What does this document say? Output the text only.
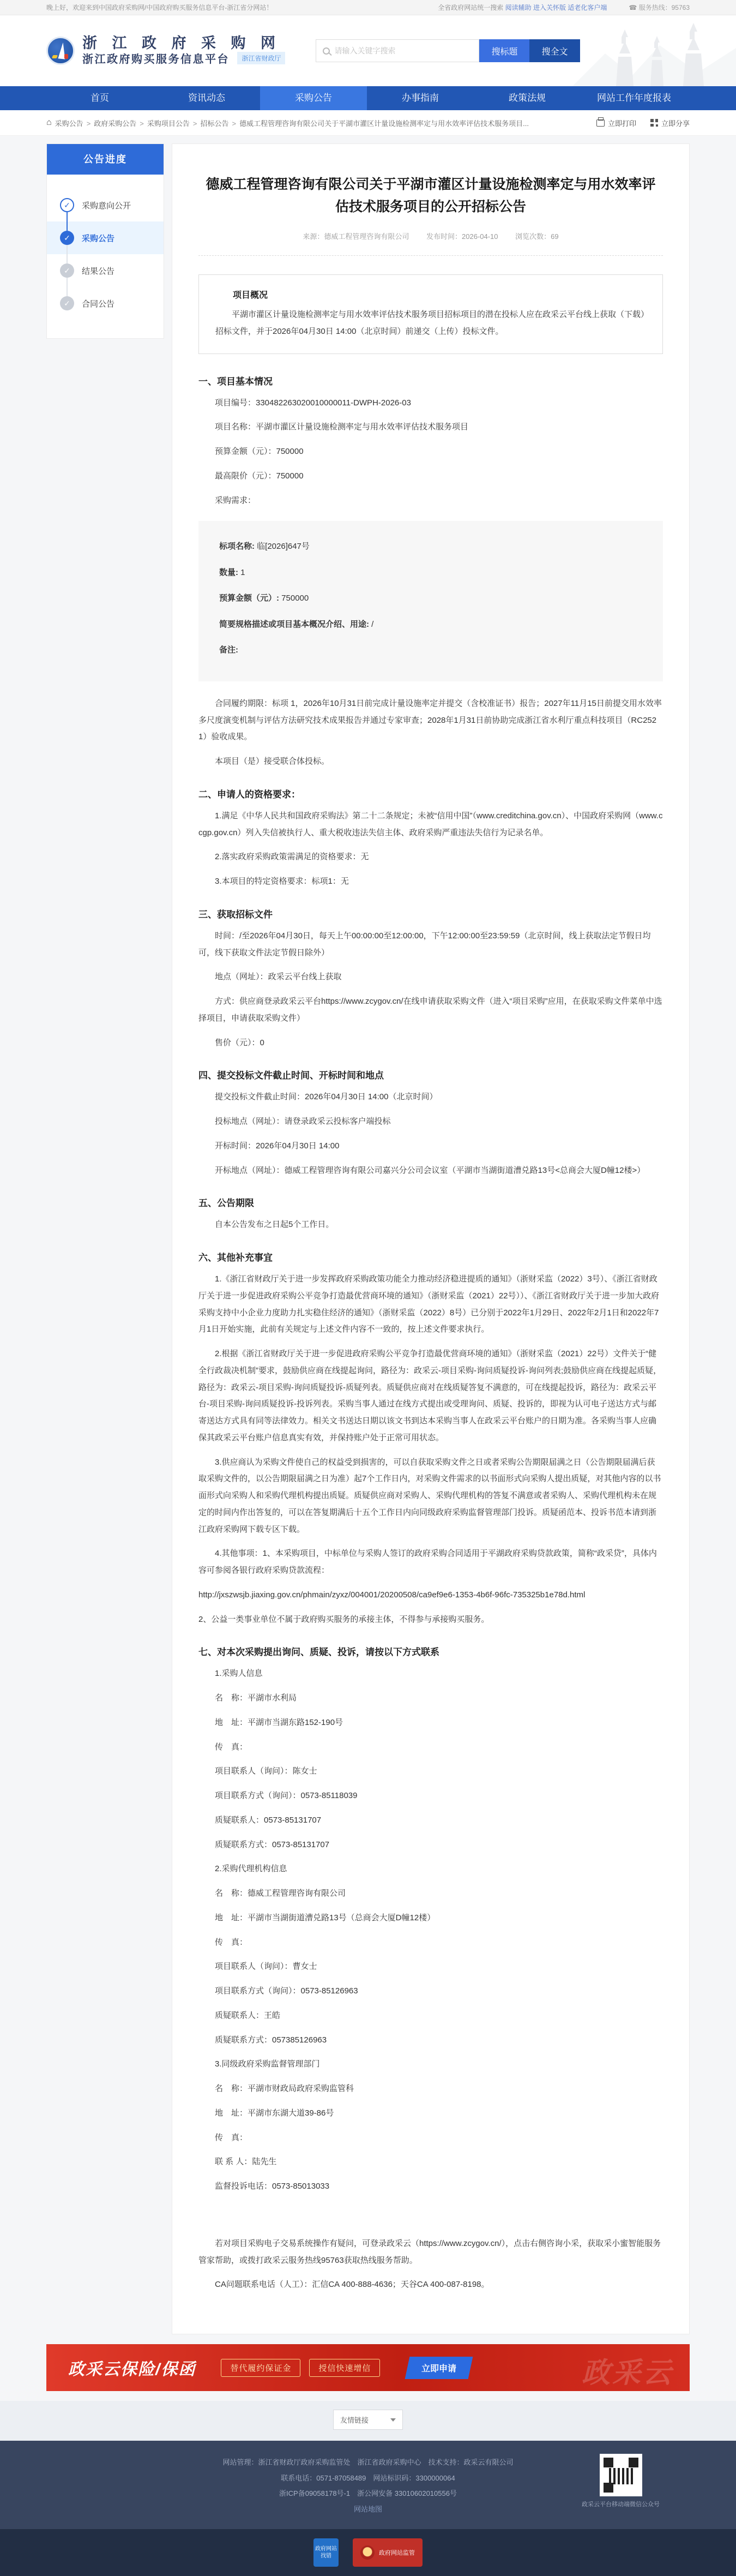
晚上好，欢迎来到中国政府采购网/中国政府购买服务信息平台-浙江省分网站！	全省政府网站统一搜索 阅读辅助 进入关怀版 适老化客户端	☎ 服务热线：95763
浙 江 政 府 采 购 网
浙江政府购买服务信息平台 浙江省财政厅
请输入关键字搜索
搜标题	搜全文
首页	资讯动态	采购公告	办事指南	政策法规	网站工作年度报表
⌂ 采购公告 > 政府采购公告 > 采购项目公告 > 招标公告 > 德威工程管理咨询有限公司关于平湖市灌区计量设施检测率定与用水效率评估技术服务项目...	立即打印	立即分享
公告进度
✓	采购意向公开
✓	采购公告
✓	结果公告
✓	合同公告
德威工程管理咨询有限公司关于平湖市灌区计量设施检测率定与用水效率评估技术服务项目的公开招标公告
来源：德威工程管理咨询有限公司 发布时间：2026-04-10 浏览次数：69
项目概况

平湖市灌区计量设施检测率定与用水效率评估技术服务项目招标项目的潜在投标人应在政采云平台线上获取（下载）招标文件，并于2026年04月30日 14:00（北京时间）前递交（上传）投标文件。

一、项目基本情况

项目编号：330482263020010000011-DWPH-2026-03

项目名称：平湖市灌区计量设施检测率定与用水效率评估技术服务项目

预算金额（元）：750000

最高限价（元）：750000

采购需求：

标项名称: 临[2026]647号

数量: 1

预算金额（元）: 750000

简要规格描述或项目基本概况介绍、用途: /

备注:

合同履约期限：标项 1，2026年10月31日前完成计量设施率定并提交（含校准证书）报告；2027年11月15日前提交用水效率多尺度演变机制与评估方法研究技术成果报告并通过专家审查；2028年1月31日前协助完成浙江省水利厅重点科技项目（RC2521）验收成果。

本项目（是）接受联合体投标。

二、申请人的资格要求：

1.满足《中华人民共和国政府采购法》第二十二条规定；未被“信用中国”（www.creditchina.gov.cn）、中国政府采购网（www.ccgp.gov.cn）列入失信被执行人、重大税收违法失信主体、政府采购严重违法失信行为记录名单。

2.落实政府采购政策需满足的资格要求：无

3.本项目的特定资格要求：标项1：无

三、获取招标文件

时间：/至2026年04月30日，每天上午00:00:00至12:00:00，下午12:00:00至23:59:59（北京时间，线上获取法定节假日均可，线下获取文件法定节假日除外）

地点（网址）：政采云平台线上获取

方式：供应商登录政采云平台https://www.zcygov.cn/在线申请获取采购文件（进入“项目采购”应用，在获取采购文件菜单中选择项目，申请获取采购文件）

售价（元）：0

四、提交投标文件截止时间、开标时间和地点

提交投标文件截止时间：2026年04月30日 14:00（北京时间）

投标地点（网址）：请登录政采云投标客户端投标

开标时间：2026年04月30日 14:00

开标地点（网址）：德威工程管理咨询有限公司嘉兴分公司会议室（平湖市当湖街道漕兑路13号<总商会大厦D幢12楼>）

五、公告期限

自本公告发布之日起5个工作日。

六、其他补充事宜

1.《浙江省财政厅关于进一步发挥政府采购政策功能全力推动经济稳进提质的通知》（浙财采监（2022）3号）、《浙江省财政厅关于进一步促进政府采购公平竞争打造最优营商环境的通知》（浙财采监（2021）22号））、《浙江省财政厅关于进一步加大政府采购支持中小企业力度助力扎实稳住经济的通知》（浙财采监（2022）8号）已分别于2022年1月29日、2022年2月1日和2022年7月1日开始实施，此前有关规定与上述文件内容不一致的，按上述文件要求执行。

2.根据《浙江省财政厅关于进一步促进政府采购公平竞争打造最优营商环境的通知》（浙财采监（2021）22号）文件关于“健全行政裁决机制”要求，鼓励供应商在线提起询问，路径为：政采云-项目采购-询问质疑投诉-询问列表;鼓励供应商在线提起质疑，路径为：政采云-项目采购-询问质疑投诉-质疑列表。质疑供应商对在线质疑答复不满意的，可在线提起投诉，路径为：政采云平台-项目采购-询问质疑投诉-投诉列表。采购当事人通过在线方式提出或受理询问、质疑、投诉的，即视为认可电子送达方式与邮寄送达方式具有同等法律效力。相关文书送达日期以该文书到达本采购当事人在政采云平台账户的日期为准。各采购当事人应确保其政采云平台账户信息真实有效，并保持账户处于正常可用状态。

3.供应商认为采购文件使自己的权益受到损害的，可以自获取采购文件之日或者采购公告期限届满之日（公告期限届满后获取采购文件的，以公告期限届满之日为准）起7个工作日内，对采购文件需求的以书面形式向采购人提出质疑，对其他内容的以书面形式向采购人和采购代理机构提出质疑。质疑供应商对采购人、采购代理机构的答复不满意或者采购人、采购代理机构未在规定的时间内作出答复的，可以在答复期满后十五个工作日内向同级政府采购监督管理部门投诉。质疑函范本、投诉书范本请到浙江政府采购网下载专区下载。

4.其他事项：1、本采购项目，中标单位与采购人签订的政府采购合同适用于平湖政府采购贷款政策，简称“政采贷”，具体内容可参阅各银行政府采购贷款流程：

http://jxszwsjb.jiaxing.gov.cn/phmain/zyxz/004001/20200508/ca9ef9e6-1353-4b6f-96fc-735325b1e78d.html

2、公益一类事业单位不属于政府购买服务的承接主体，不得参与承接购买服务。

七、对本次采购提出询问、质疑、投诉，请按以下方式联系

1.采购人信息

名　称：平湖市水利局

地　址：平湖市当湖东路152-190号

传　真：

项目联系人（询问）：陈女士

项目联系方式（询问）：0573-85118039

质疑联系人：0573-85131707

质疑联系方式：0573-85131707

2.采购代理机构信息

名　称：德威工程管理咨询有限公司

地　址：平湖市当湖街道漕兑路13号（总商会大厦D幢12楼）

传　真：

项目联系人（询问）：曹女士

项目联系方式（询问）：0573-85126963

质疑联系人：王皓

质疑联系方式：057385126963

3.同级政府采购监督管理部门

名　称：平湖市财政局政府采购监管科

地　址：平湖市东湖大道39-86号

传　真：

联 系 人：陆先生

监督投诉电话：0573-85013033

若对项目采购电子交易系统操作有疑问，可登录政采云（https://www.zcygov.cn/），点击右侧咨询小采，获取采小蜜智能服务管家帮助，或拨打政采云服务热线95763获取热线服务帮助。

CA问题联系电话（人工）：汇信CA 400-888-4636；天谷CA 400-087-8198。

政采云保险/保函	替代履约保证金	授信快速增信	立即申请	政采云
友情链接
网站管理：浙江省财政厅政府采购监管处　浙江省政府采购中心　技术支持：政采云有限公司
联系电话：0571-87058489　网站标识码：3300000064
浙ICP备09058178号-1　浙公网安备 33010602010556号
网站地图
政采云平台移动端微信公众号
政府网站找错	政府网站监管
